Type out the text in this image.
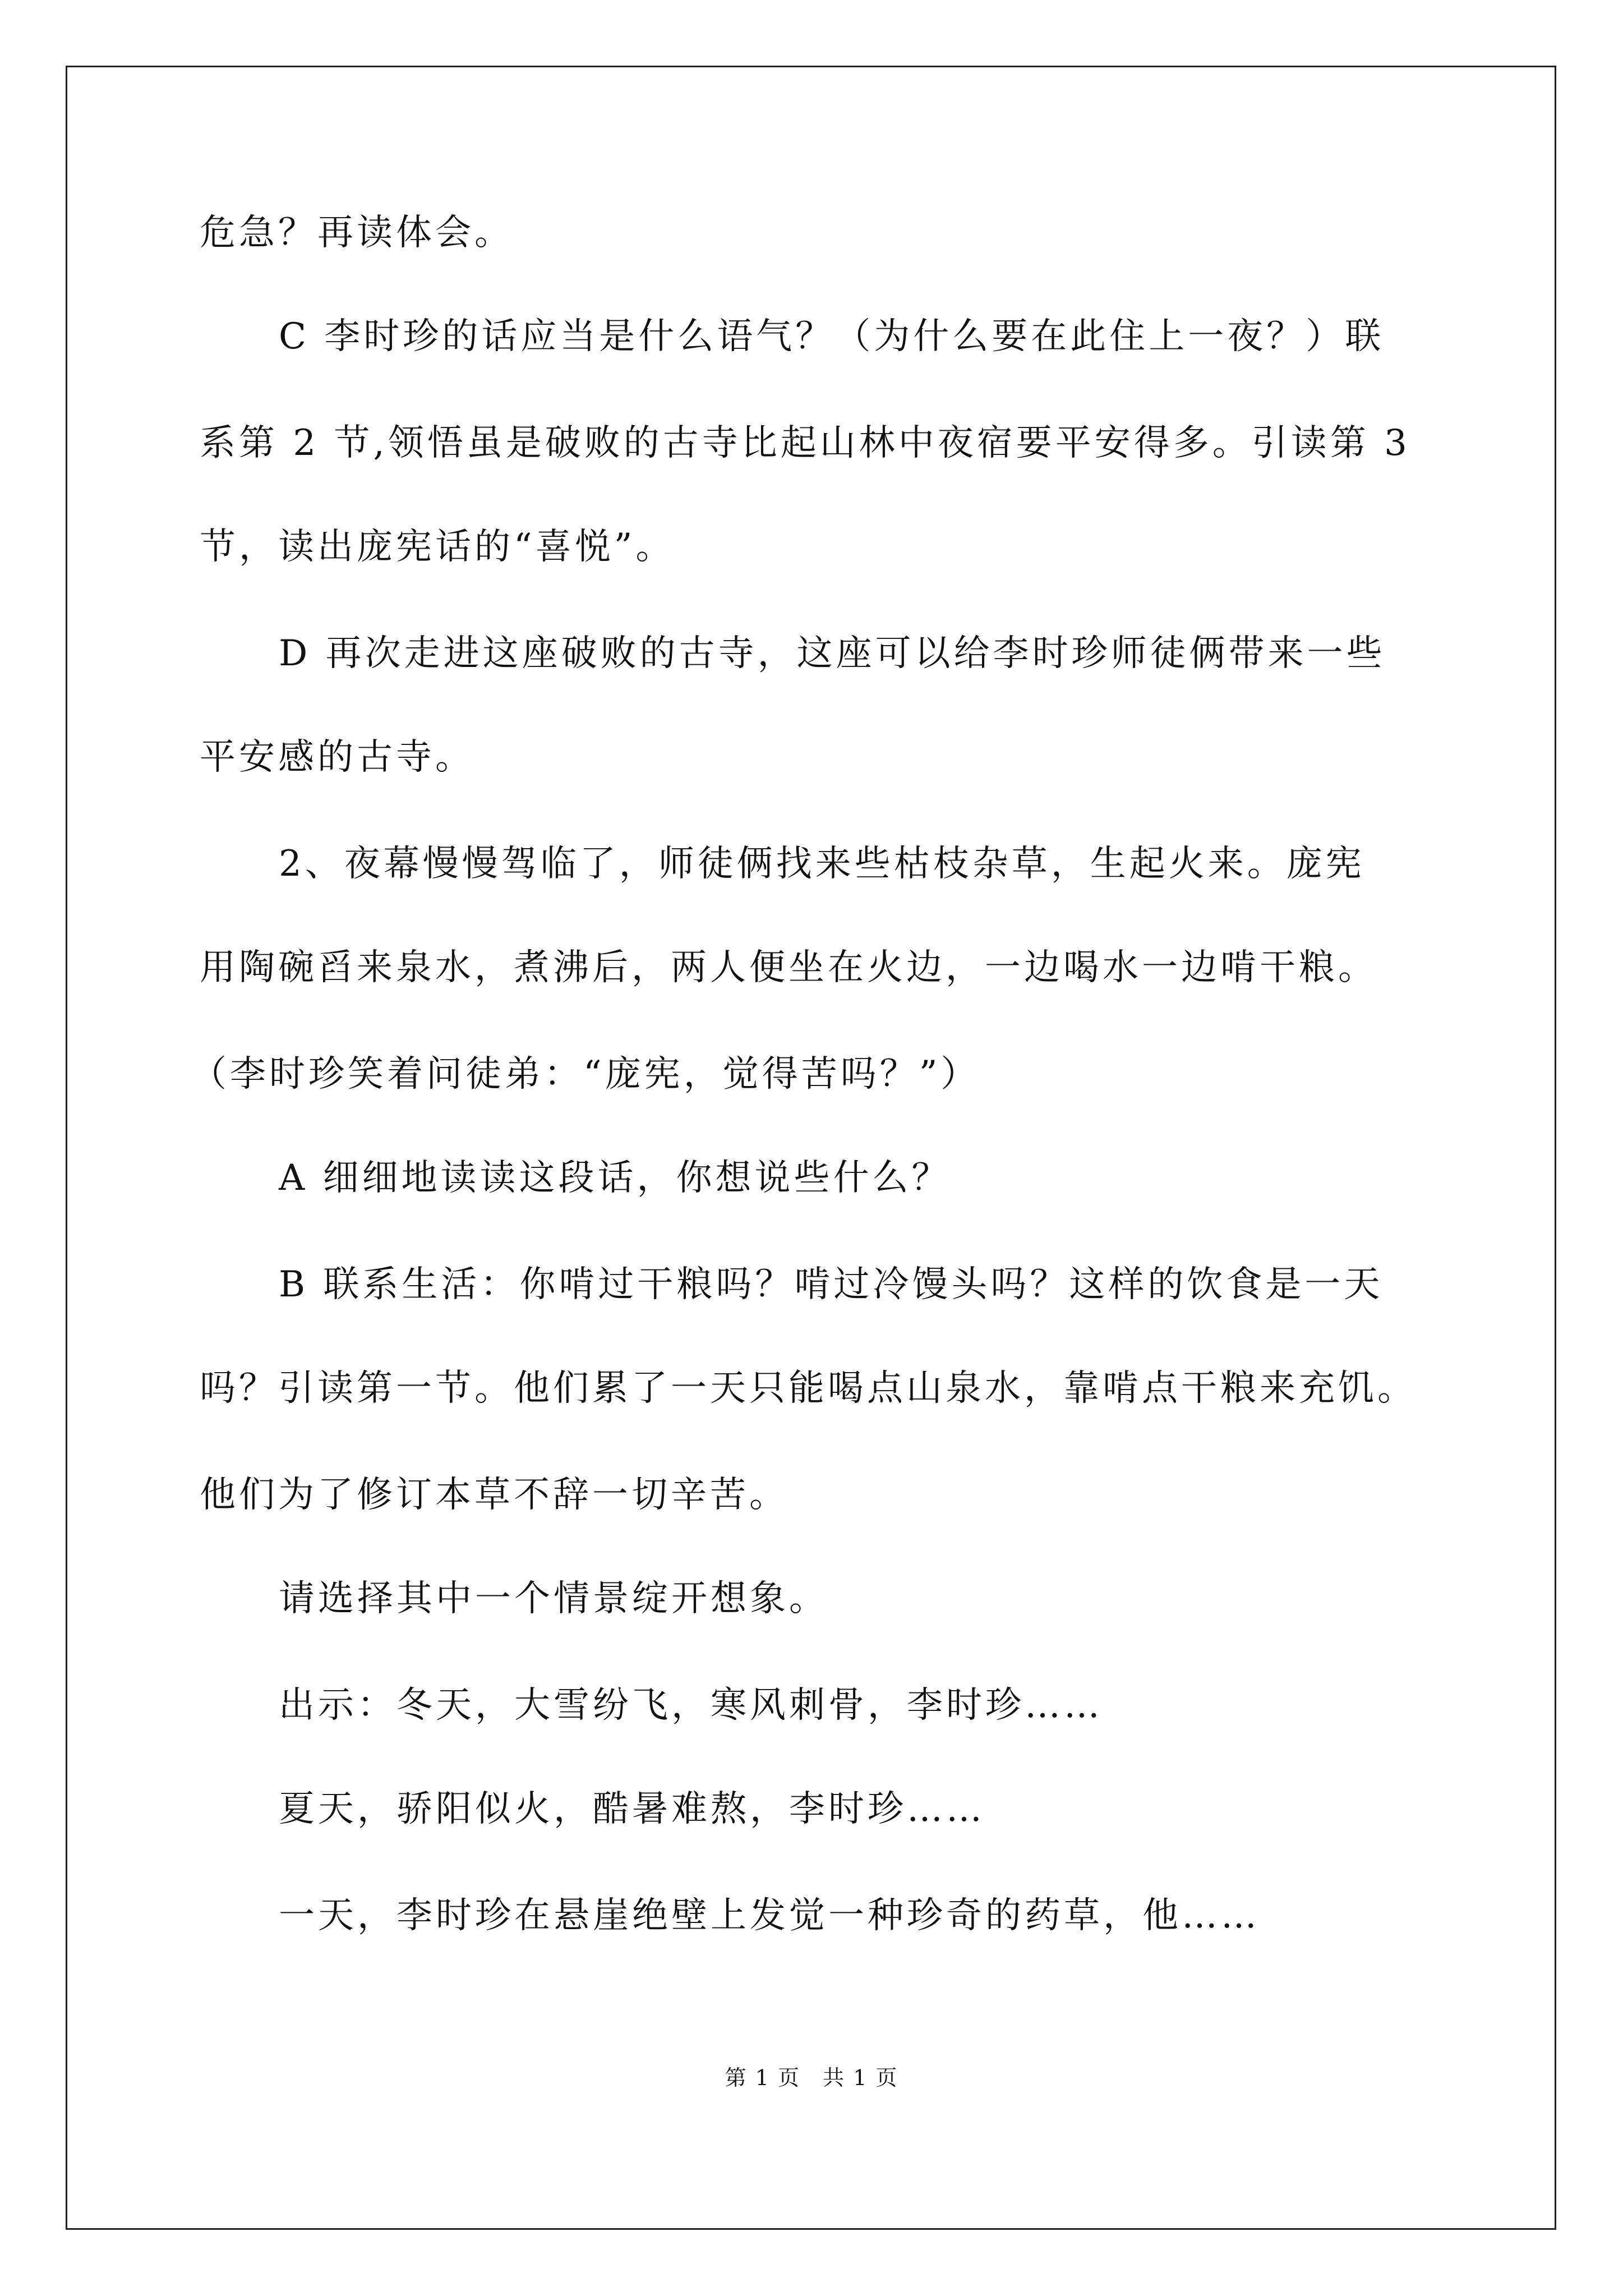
危急？再读体会。
C 李时珍的话应当是什么语气？（为什么要在此住上一夜？）联
系第 2 节,领悟虽是破败的古寺比起山林中夜宿要平安得多。引读第 3
节，读出庞宪话的“喜悦”。
D 再次走进这座破败的古寺，这座可以给李时珍师徒俩带来一些
平安感的古寺。
2、夜幕慢慢驾临了，师徒俩找来些枯枝杂草，生起火来。庞宪
用陶碗舀来泉水，煮沸后，两人便坐在火边，一边喝水一边啃干粮。
（李时珍笑着问徒弟：“庞宪，觉得苦吗？”）
A 细细地读读这段话，你想说些什么？
B 联系生活：你啃过干粮吗？啃过冷馒头吗？这样的饮食是一天
吗？引读第一节。他们累了一天只能喝点山泉水，靠啃点干粮来充饥。
他们为了修订本草不辞一切辛苦。
请选择其中一个情景绽开想象。
出示：冬天，大雪纷飞，寒风刺骨，李时珍……
夏天，骄阳似火，酷暑难熬，李时珍……
一天，李时珍在悬崖绝壁上发觉一种珍奇的药草，他……
第 1 页　共 1 页
